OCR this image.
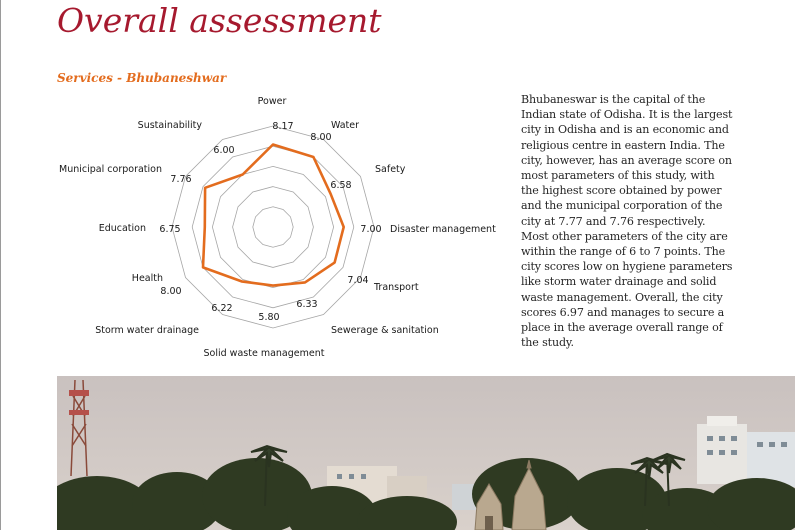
Overall assessment
Services - Bhubaneshwar
Power
Water
Safety
Disaster management
Transport
Sewerage & sanitation
Solid waste management
Storm water drainage
Health
Education
Municipal corporation
Sustainability	8.17
8.00
6.58
7.00
7.04
6.33
5.80
6.22
8.00
6.75
7.76
6.00

Bhubaneswar is the capital of the Indian state of Odisha. It is the largest city in Odisha and is an economic and religious centre in eastern India. The city, however, has an average score on most parameters of this study, with the highest score obtained by power and the municipal corporation of the city at 7.77 and 7.76 respectively. Most other parameters of the city are within the range of 6 to 7 points. The city scores low on hygiene parameters like storm water drainage and solid waste management. Overall, the city scores 6.97 and manages to secure a place in the average overall range of the study.
